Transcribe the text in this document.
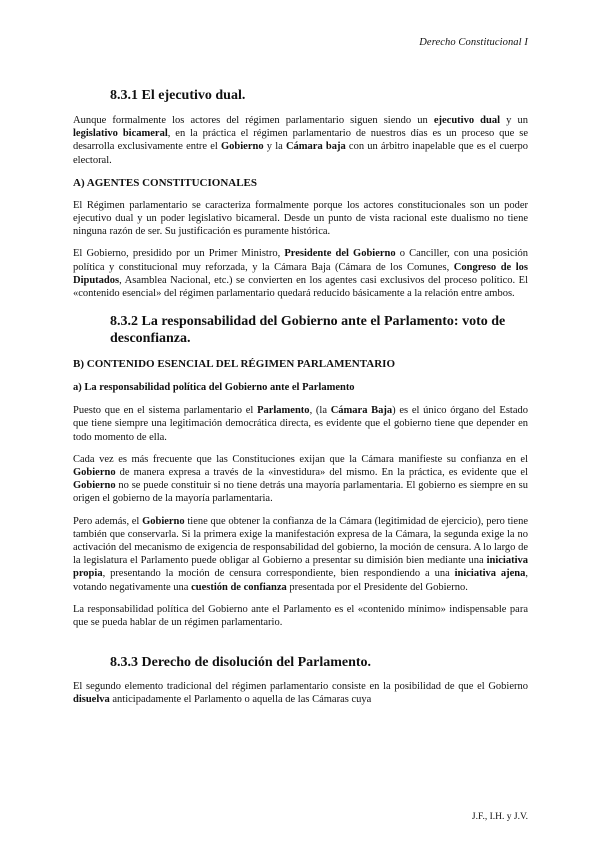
Derecho Constitucional I
8.3.1 El ejecutivo dual.

Aunque formalmente los actores del régimen parlamentario siguen siendo un ejecutivo dual y un legislativo bicameral, en la práctica el régimen parlamentario de nuestros días es un proceso que se desarrolla exclusivamente entre el Gobierno y la Cámara baja con un árbitro inapelable que es el cuerpo electoral.

A) AGENTES CONSTITUCIONALES

El Régimen parlamentario se caracteriza formalmente porque los actores constitucionales son un poder ejecutivo dual y un poder legislativo bicameral. Desde un punto de vista racional este dualismo no tiene ninguna razón de ser. Su justificación es puramente histórica.

El Gobierno, presidido por un Primer Ministro, Presidente del Gobierno o Canciller, con una posición política y constitucional muy reforzada, y la Cámara Baja (Cámara de los Comunes, Congreso de los Diputados, Asamblea Nacional, etc.) se convierten en los agentes casi exclusivos del proceso político. El «contenido esencial» del régimen parlamentario quedará reducido básicamente a la relación entre ambos.

8.3.2 La responsabilidad del Gobierno ante el Parlamento: voto de desconfianza.
B) CONTENIDO ESENCIAL DEL RÉGIMEN PARLAMENTARIO
a) La responsabilidad política del Gobierno ante el Parlamento

Puesto que en el sistema parlamentario el Parlamento, (la Cámara Baja) es el único órgano del Estado que tiene siempre una legitimación democrática directa, es evidente que el gobierno tiene que depender en todo momento de ella.

Cada vez es más frecuente que las Constituciones exijan que la Cámara manifieste su confianza en el Gobierno de manera expresa a través de la «investidura» del mismo. En la práctica, es evidente que el Gobierno no se puede constituir si no tiene detrás una mayoría parlamentaria. El gobierno es siempre en su origen el gobierno de la mayoría parlamentaria.

Pero además, el Gobierno tiene que obtener la confianza de la Cámara (legitimidad de ejercicio), pero tiene también que conservarla. Si la primera exige la manifestación expresa de la Cámara, la segunda exige la no activación del mecanismo de exigencia de responsabilidad del gobierno, la moción de censura. A lo largo de la legislatura el Parlamento puede obligar al Gobierno a presentar su dimisión bien mediante una iniciativa propia, presentando la moción de censura correspondiente, bien respondiendo a una iniciativa ajena, votando negativamente una cuestión de confianza presentada por el Presidente del Gobierno.

La responsabilidad política del Gobierno ante el Parlamento es el «contenido mínimo» indispensable para que se pueda hablar de un régimen parlamentario.

8.3.3 Derecho de disolución del Parlamento.

El segundo elemento tradicional del régimen parlamentario consiste en la posibilidad de que el Gobierno disuelva anticipadamente el Parlamento o aquella de las Cámaras cuya

J.F., I.H. y J.V.
